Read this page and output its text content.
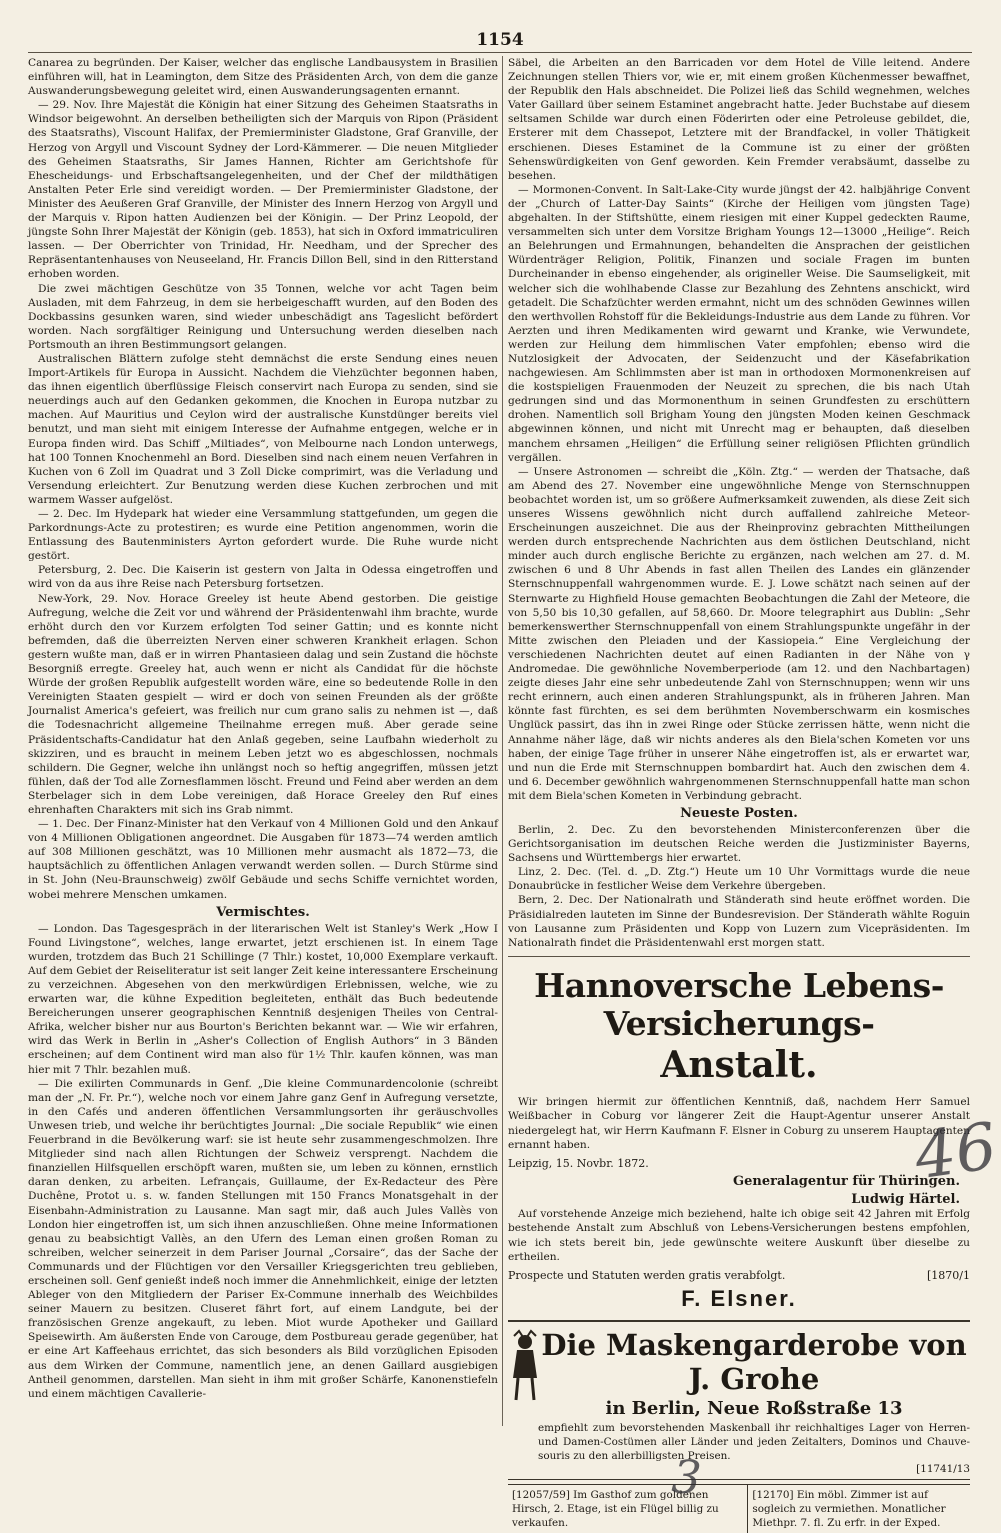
1154

Canarea zu begründen. Der Kaiser, welcher das englische Landbausystem in Brasilien einführen will, hat in Leamington, dem Sitze des Präsidenten Arch, von dem die ganze Auswanderungsbewegung geleitet wird, einen Auswanderungsagenten ernannt.

— 29. Nov. Ihre Majestät die Königin hat einer Sitzung des Geheimen Staatsraths in Windsor beigewohnt. An derselben betheiligten sich der Marquis von Ripon (Präsident des Staatsraths), Viscount Halifax, der Premierminister Gladstone, Graf Granville, der Herzog von Argyll und Viscount Sydney der Lord-Kämmerer. — Die neuen Mitglieder des Geheimen Staatsraths, Sir James Hannen, Richter am Gerichtshofe für Ehescheidungs- und Erbschaftsangelegenheiten, und der Chef der mildthätigen Anstalten Peter Erle sind vereidigt worden. — Der Premierminister Gladstone, der Minister des Aeußeren Graf Granville, der Minister des Innern Herzog von Argyll und der Marquis v. Ripon hatten Audienzen bei der Königin. — Der Prinz Leopold, der jüngste Sohn Ihrer Majestät der Königin (geb. 1853), hat sich in Oxford immatriculiren lassen. — Der Oberrichter von Trinidad, Hr. Needham, und der Sprecher des Repräsentantenhauses von Neuseeland, Hr. Francis Dillon Bell, sind in den Ritterstand erhoben worden.

Die zwei mächtigen Geschütze von 35 Tonnen, welche vor acht Tagen beim Ausladen, mit dem Fahrzeug, in dem sie herbeigeschafft wurden, auf den Boden des Dockbassins gesunken waren, sind wieder unbeschädigt ans Tageslicht befördert worden. Nach sorgfältiger Reinigung und Untersuchung werden dieselben nach Portsmouth an ihren Bestimmungsort gelangen.

Australischen Blättern zufolge steht demnächst die erste Sendung eines neuen Import-Artikels für Europa in Aussicht. Nachdem die Viehzüchter begonnen haben, das ihnen eigentlich überflüssige Fleisch conservirt nach Europa zu senden, sind sie neuerdings auch auf den Gedanken gekommen, die Knochen in Europa nutzbar zu machen. Auf Mauritius und Ceylon wird der australische Kunstdünger bereits viel benutzt, und man sieht mit einigem Interesse der Aufnahme entgegen, welche er in Europa finden wird. Das Schiff „Miltiades“, von Melbourne nach London unterwegs, hat 100 Tonnen Knochenmehl an Bord. Dieselben sind nach einem neuen Verfahren in Kuchen von 6 Zoll im Quadrat und 3 Zoll Dicke comprimirt, was die Verladung und Versendung erleichtert. Zur Benutzung werden diese Kuchen zerbrochen und mit warmem Wasser aufgelöst.

— 2. Dec. Im Hydepark hat wieder eine Versammlung stattgefunden, um gegen die Parkordnungs-Acte zu protestiren; es wurde eine Petition angenommen, worin die Entlassung des Bautenministers Ayrton gefordert wurde. Die Ruhe wurde nicht gestört.

Petersburg, 2. Dec. Die Kaiserin ist gestern von Jalta in Odessa eingetroffen und wird von da aus ihre Reise nach Petersburg fortsetzen.

New-York, 29. Nov. Horace Greeley ist heute Abend gestorben. Die geistige Aufregung, welche die Zeit vor und während der Präsidentenwahl ihm brachte, wurde erhöht durch den vor Kurzem erfolgten Tod seiner Gattin; und es konnte nicht befremden, daß die überreizten Nerven einer schweren Krankheit erlagen. Schon gestern wußte man, daß er in wirren Phantasieen dalag und sein Zustand die höchste Besorgniß erregte. Greeley hat, auch wenn er nicht als Candidat für die höchste Würde der großen Republik aufgestellt worden wäre, eine so bedeutende Rolle in den Vereinigten Staaten gespielt — wird er doch von seinen Freunden als der größte Journalist America's gefeiert, was freilich nur cum grano salis zu nehmen ist —, daß die Todesnachricht allgemeine Theilnahme erregen muß. Aber gerade seine Präsidentschafts-Candidatur hat den Anlaß gegeben, seine Laufbahn wiederholt zu skizziren, und es braucht in meinem Leben jetzt wo es abgeschlossen, nochmals schildern. Die Gegner, welche ihn unlängst noch so heftig angegriffen, müssen jetzt fühlen, daß der Tod alle Zornesflammen löscht. Freund und Feind aber werden an dem Sterbelager sich in dem Lobe vereinigen, daß Horace Greeley den Ruf eines ehrenhaften Charakters mit sich ins Grab nimmt.

— 1. Dec. Der Finanz-Minister hat den Verkauf von 4 Millionen Gold und den Ankauf von 4 Millionen Obligationen angeordnet. Die Ausgaben für 1873—74 werden amtlich auf 308 Millionen geschätzt, was 10 Millionen mehr ausmacht als 1872—73, die hauptsächlich zu öffentlichen Anlagen verwandt werden sollen. — Durch Stürme sind in St. John (Neu-Braunschweig) zwölf Gebäude und sechs Schiffe vernichtet worden, wobei mehrere Menschen umkamen.

Vermischtes.

— London. Das Tagesgespräch in der literarischen Welt ist Stanley's Werk „How I Found Livingstone“, welches, lange erwartet, jetzt erschienen ist. In einem Tage wurden, trotzdem das Buch 21 Schillinge (7 Thlr.) kostet, 10,000 Exemplare verkauft. Auf dem Gebiet der Reiseliteratur ist seit langer Zeit keine interessantere Erscheinung zu verzeichnen. Abgesehen von den merkwürdigen Erlebnissen, welche, wie zu erwarten war, die kühne Expedition begleiteten, enthält das Buch bedeutende Bereicherungen unserer geographischen Kenntniß desjenigen Theiles von Central-Afrika, welcher bisher nur aus Bourton's Berichten bekannt war. — Wie wir erfahren, wird das Werk in Berlin in „Asher's Collection of English Authors“ in 3 Bänden erscheinen; auf dem Continent wird man also für 1½ Thlr. kaufen können, was man hier mit 7 Thlr. bezahlen muß.

— Die exilirten Communards in Genf. „Die kleine Communardencolonie (schreibt man der „N. Fr. Pr.“), welche noch vor einem Jahre ganz Genf in Aufregung versetzte, in den Cafés und anderen öffentlichen Versammlungsorten ihr geräuschvolles Unwesen trieb, und welche ihr berüchtigtes Journal: „Die sociale Republik“ wie einen Feuerbrand in die Bevölkerung warf: sie ist heute sehr zusammengeschmolzen. Ihre Mitglieder sind nach allen Richtungen der Schweiz versprengt. Nachdem die finanziellen Hilfsquellen erschöpft waren, mußten sie, um leben zu können, ernstlich daran denken, zu arbeiten. Lefrançais, Guillaume, der Ex-Redacteur des Père Duchêne, Protot u. s. w. fanden Stellungen mit 150 Francs Monatsgehalt in der Eisenbahn-Administration zu Lausanne. Man sagt mir, daß auch Jules Vallès von London hier eingetroffen ist, um sich ihnen anzuschließen. Ohne meine Informationen genau zu beabsichtigt Vallès, an den Ufern des Leman einen großen Roman zu schreiben, welcher seinerzeit in dem Pariser Journal „Corsaire“, das der Sache der Communards und der Flüchtigen vor den Versailler Kriegsgerichten treu geblieben, erscheinen soll. Genf genießt indeß noch immer die Annehmlichkeit, einige der letzten Ableger von den Mitgliedern der Pariser Ex-Commune innerhalb des Weichbildes seiner Mauern zu besitzen. Cluseret fährt fort, auf einem Landgute, bei der französischen Grenze angekauft, zu leben. Miot wurde Apotheker und Gaillard Speisewirth. Am äußersten Ende von Carouge, dem Postbureau gerade gegenüber, hat er eine Art Kaffeehaus errichtet, das sich besonders als Bild vorzüglichen Episoden aus dem Wirken der Commune, namentlich jene, an denen Gaillard ausgiebigen Antheil genommen, darstellen. Man sieht in ihm mit großer Schärfe, Kanonenstiefeln und einem mächtigen Cavallerie-

Säbel, die Arbeiten an den Barricaden vor dem Hotel de Ville leitend. Andere Zeichnungen stellen Thiers vor, wie er, mit einem großen Küchenmesser bewaffnet, der Republik den Hals abschneidet. Die Polizei ließ das Schild wegnehmen, welches Vater Gaillard über seinem Estaminet angebracht hatte. Jeder Buchstabe auf diesem seltsamen Schilde war durch einen Föderirten oder eine Petroleuse gebildet, die, Ersterer mit dem Chassepot, Letztere mit der Brandfackel, in voller Thätigkeit erschienen. Dieses Estaminet de la Commune ist zu einer der größten Sehenswürdigkeiten von Genf geworden. Kein Fremder verabsäumt, dasselbe zu besehen.

— Mormonen-Convent. In Salt-Lake-City wurde jüngst der 42. halbjährige Convent der „Church of Latter-Day Saints“ (Kirche der Heiligen vom jüngsten Tage) abgehalten. In der Stiftshütte, einem riesigen mit einer Kuppel gedeckten Raume, versammelten sich unter dem Vorsitze Brigham Youngs 12—13000 „Heilige“. Reich an Belehrungen und Ermahnungen, behandelten die Ansprachen der geistlichen Würdenträger Religion, Politik, Finanzen und sociale Fragen im bunten Durcheinander in ebenso eingehender, als origineller Weise. Die Saumseligkeit, mit welcher sich die wohlhabende Classe zur Bezahlung des Zehntens anschickt, wird getadelt. Die Schafzüchter werden ermahnt, nicht um des schnöden Gewinnes willen den werthvollen Rohstoff für die Bekleidungs-Industrie aus dem Lande zu führen. Vor Aerzten und ihren Medikamenten wird gewarnt und Kranke, wie Verwundete, werden zur Heilung dem himmlischen Vater empfohlen; ebenso wird die Nutzlosigkeit der Advocaten, der Seidenzucht und der Käsefabrikation nachgewiesen. Am Schlimmsten aber ist man in orthodoxen Mormonenkreisen auf die kostspieligen Frauenmoden der Neuzeit zu sprechen, die bis nach Utah gedrungen sind und das Mormonenthum in seinen Grundfesten zu erschüttern drohen. Namentlich soll Brigham Young den jüngsten Moden keinen Geschmack abgewinnen können, und nicht mit Unrecht mag er behaupten, daß dieselben manchem ehrsamen „Heiligen“ die Erfüllung seiner religiösen Pflichten gründlich vergällen.

— Unsere Astronomen — schreibt die „Köln. Ztg.“ — werden der Thatsache, daß am Abend des 27. November eine ungewöhnliche Menge von Sternschnuppen beobachtet worden ist, um so größere Aufmerksamkeit zuwenden, als diese Zeit sich unseres Wissens gewöhnlich nicht durch auffallend zahlreiche Meteor-Erscheinungen auszeichnet. Die aus der Rheinprovinz gebrachten Mittheilungen werden durch entsprechende Nachrichten aus dem östlichen Deutschland, nicht minder auch durch englische Berichte zu ergänzen, nach welchen am 27. d. M. zwischen 6 und 8 Uhr Abends in fast allen Theilen des Landes ein glänzender Sternschnuppenfall wahrgenommen wurde. E. J. Lowe schätzt nach seinen auf der Sternwarte zu Highfield House gemachten Beobachtungen die Zahl der Meteore, die von 5,50 bis 10,30 gefallen, auf 58,660. Dr. Moore telegraphirt aus Dublin: „Sehr bemerkenswerther Sternschnuppenfall von einem Strahlungspunkte ungefähr in der Mitte zwischen den Pleiaden und der Kassiopeia.“ Eine Vergleichung der verschiedenen Nachrichten deutet auf einen Radianten in der Nähe von γ Andromedae. Die gewöhnliche Novemberperiode (am 12. und den Nachbartagen) zeigte dieses Jahr eine sehr unbedeutende Zahl von Sternschnuppen; wenn wir uns recht erinnern, auch einen anderen Strahlungspunkt, als in früheren Jahren. Man könnte fast fürchten, es sei dem berühmten Novemberschwarm ein kosmisches Unglück passirt, das ihn in zwei Ringe oder Stücke zerrissen hätte, wenn nicht die Annahme näher läge, daß wir nichts anderes als den Biela'schen Kometen vor uns haben, der einige Tage früher in unserer Nähe eingetroffen ist, als er erwartet war, und nun die Erde mit Sternschnuppen bombardirt hat. Auch den zwischen dem 4. und 6. December gewöhnlich wahrgenommenen Sternschnuppenfall hatte man schon mit dem Biela'schen Kometen in Verbindung gebracht.

Neueste Posten.

Berlin, 2. Dec. Zu den bevorstehenden Ministerconferenzen über die Gerichtsorganisation im deutschen Reiche werden die Justizminister Bayerns, Sachsens und Württembergs hier erwartet.

Linz, 2. Dec. (Tel. d. „D. Ztg.“) Heute um 10 Uhr Vormittags wurde die neue Donaubrücke in festlicher Weise dem Verkehre übergeben.

Bern, 2. Dec. Der Nationalrath und Ständerath sind heute eröffnet worden. Die Präsidialreden lauteten im Sinne der Bundesrevision. Der Ständerath wählte Roguin von Lausanne zum Präsidenten und Kopp von Luzern zum Vicepräsidenten. Im Nationalrath findet die Präsidentenwahl erst morgen statt.

Hannoversche Lebens-Versicherungs-
Anstalt.

Wir bringen hiermit zur öffentlichen Kenntniß, daß, nachdem Herr Samuel Weißbacher in Coburg vor längerer Zeit die Haupt-Agentur unserer Anstalt niedergelegt hat, wir Herrn Kaufmann F. Elsner in Coburg zu unserem Hauptagenten ernannt haben.

Leipzig, 15. Novbr. 1872.
Generalagentur für Thüringen.
Ludwig Härtel.

Auf vorstehende Anzeige mich beziehend, halte ich obige seit 42 Jahren mit Erfolg bestehende Anstalt zum Abschluß von Lebens-Versicherungen bestens empfohlen, wie ich stets bereit bin, jede gewünschte weitere Auskunft über dieselbe zu ertheilen.

Prospecte und Statuten werden gratis verabfolgt.	[1870/1
F. Elsner.
Die Maskengarderobe von J. Grohe
in Berlin, Neue Roßstraße 13

empfiehlt zum bevorstehenden Maskenball ihr reichhaltiges Lager von Herren- und Damen-Costümen aller Länder und jeden Zeitalters, Dominos und Chauve-souris zu den allerbilligsten Preisen.

[11741/13
[12057/59] Im Gasthof zum goldenen Hirsch, 2. Etage, ist ein Flügel billig zu verkaufen.
[12170] Ein möbl. Zimmer ist auf sogleich zu vermiethen. Monatlicher Miethpr. 7. fl. Zu erfr. in der Exped.
46
3
